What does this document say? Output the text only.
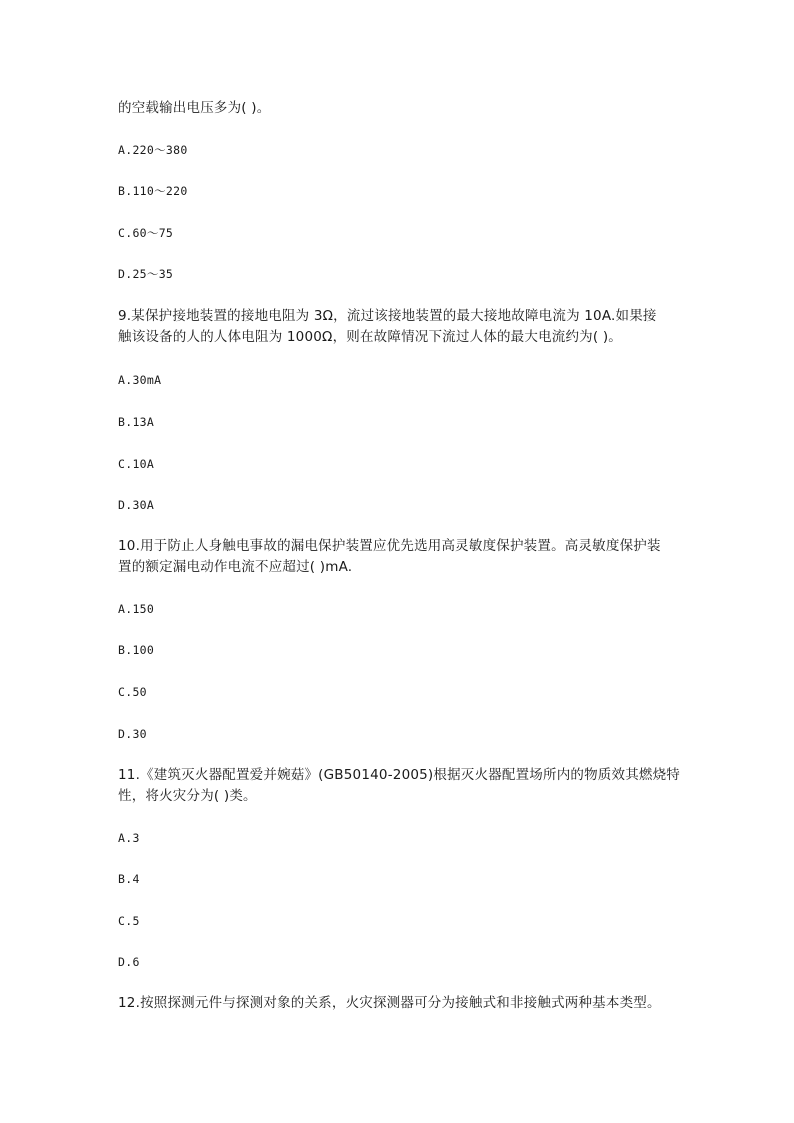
的空载输出电压多为( )。
A.220～380
B.110～220
C.60～75
D.25～35
9.某保护接地装置的接地电阻为 3Ω，流过该接地装置的最大接地故障电流为 10A.如果接
触该设备的人的人体电阻为 1000Ω，则在故障情况下流过人体的最大电流约为( )。
A.30mA
B.13A
C.10A
D.30A
10.用于防止人身触电事故的漏电保护装置应优先选用高灵敏度保护装置。高灵敏度保护装
置的额定漏电动作电流不应超过( )mA.
A.150
B.100
C.50
D.30
11.《建筑灭火器配置爱并婉菇》(GB50140-2005)根据灭火器配置场所内的物质效其燃烧特
性，将火灾分为( )类。
A.3
B.4
C.5
D.6
12.按照探测元件与探测对象的关系，火灾探测器可分为接触式和非接触式两种基本类型。
